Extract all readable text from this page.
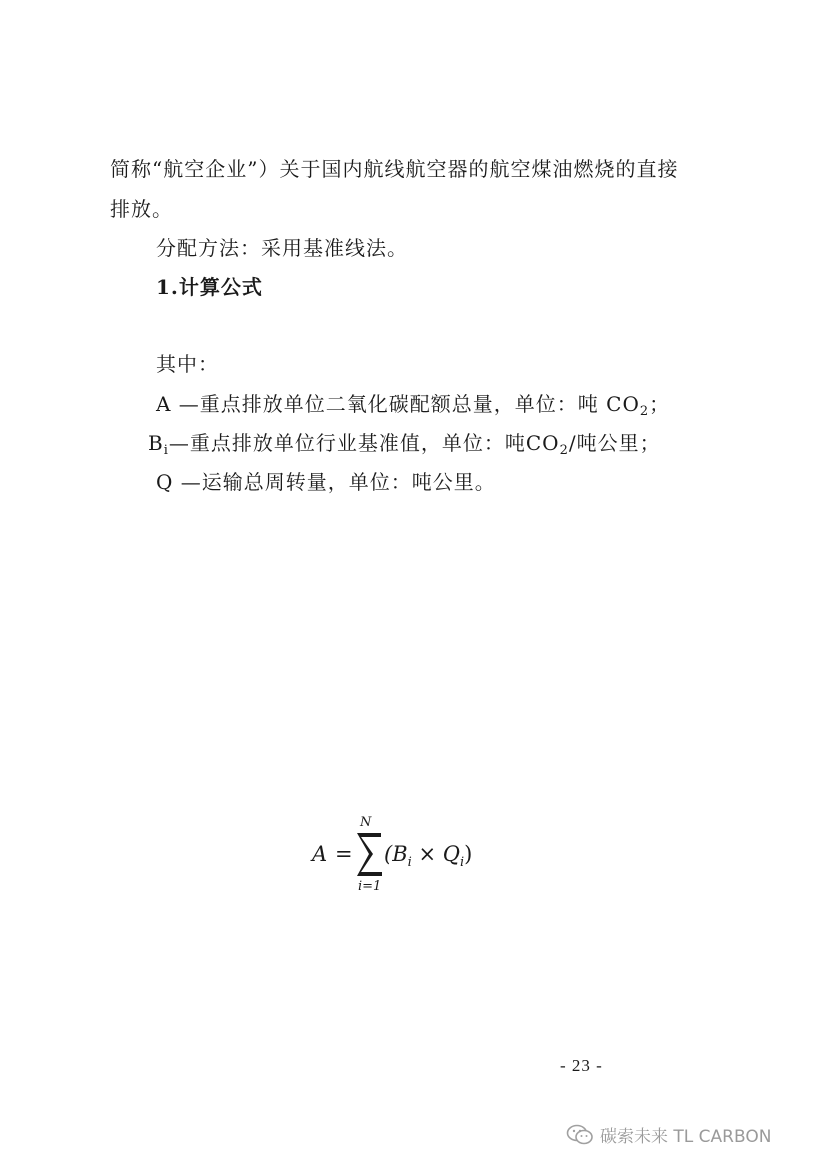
简称“航空企业”）关于国内航线航空器的航空煤油燃烧的直接
排放。
分配方法：采用基准线法。
1.计算公式
其中：
A —重点排放单位二氧化碳配额总量，单位：吨 $CO_2$；
$B_i—$重点排放单位行业基准值，单位：吨$CO_2/$吨公里；
Q —运输总周转量，单位：吨公里。
A =
N
i=1
$(B_i \times Q_i)$
- 23 -
碳索未来 TL CARBON
